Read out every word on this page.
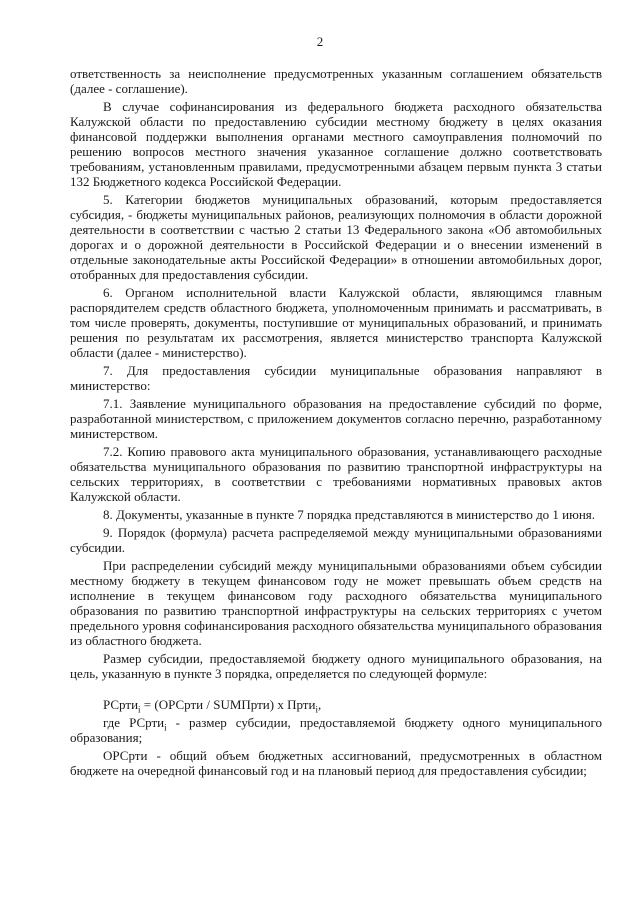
2

ответственность за неисполнение предусмотренных указанным соглашением обязательств (далее - соглашение).

В случае софинансирования из федерального бюджета расходного обязательства Калужской области по предоставлению субсидии местному бюджету в целях оказания финансовой поддержки выполнения органами местного самоуправления полномочий по решению вопросов местного значения указанное соглашение должно соответствовать требованиям, установленным правилами, предусмотренными абзацем первым пункта 3 статьи 132 Бюджетного кодекса Российской Федерации.

5. Категории бюджетов муниципальных образований, которым предоставляется субсидия, - бюджеты муниципальных районов, реализующих полномочия в области дорожной деятельности в соответствии с частью 2 статьи 13 Федерального закона «Об автомобильных дорогах и о дорожной деятельности в Российской Федерации и о внесении изменений в отдельные законодательные акты Российской Федерации» в отношении автомобильных дорог, отобранных для предоставления субсидии.

6. Органом исполнительной власти Калужской области, являющимся главным распорядителем средств областного бюджета, уполномоченным принимать и рассматривать, в том числе проверять, документы, поступившие от муниципальных образований, и принимать решения по результатам их рассмотрения, является министерство транспорта Калужской области (далее - министерство).

7. Для предоставления субсидии муниципальные образования направляют в министерство:

7.1. Заявление муниципального образования на предоставление субсидий по форме, разработанной министерством, с приложением документов согласно перечню, разработанному министерством.

7.2. Копию правового акта муниципального образования, устанавливающего расходные обязательства муниципального образования по развитию транспортной инфраструктуры на сельских территориях, в соответствии с требованиями нормативных правовых актов Калужской области.

8. Документы, указанные в пункте 7 порядка представляются в министерство до 1 июня.

9. Порядок (формула) расчета распределяемой между муниципальными образованиями субсидии.

При распределении субсидий между муниципальными образованиями объем субсидии местному бюджету в текущем финансовом году не может превышать объем средств на исполнение в текущем финансовом году расходного обязательства муниципального образования по развитию транспортной инфраструктуры на сельских территориях с учетом предельного уровня софинансирования расходного обязательства муниципального образования из областного бюджета.

Размер субсидии, предоставляемой бюджету одного муниципального образования, на цель, указанную в пункте 3 порядка, определяется по следующей формуле:

РСрти$_i$ = (ОРСрти / SUMПрти) x Прти$_i$,

где РСрти$_i$ - размер субсидии, предоставляемой бюджету одного муниципального образования;

ОРСрти - общий объем бюджетных ассигнований, предусмотренных в областном бюджете на очередной финансовый год и на плановый период для предоставления субсидии;
